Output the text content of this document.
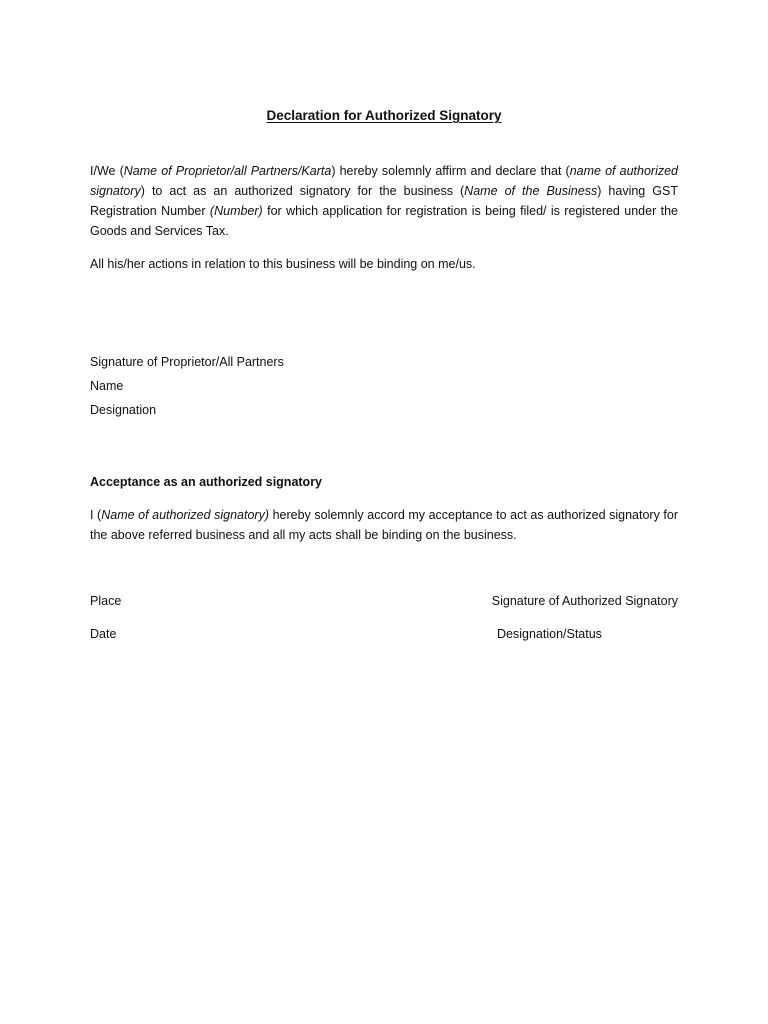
Declaration for Authorized Signatory

I/We (Name of Proprietor/all Partners/Karta) hereby solemnly affirm and declare that (name of authorized signatory) to act as an authorized signatory for the business (Name of the Business) having GST Registration Number (Number) for which application for registration is being filed/ is registered under the Goods and Services Tax.

All his/her actions in relation to this business will be binding on me/us.

Signature of Proprietor/All Partners
Name
Designation
Acceptance as an authorized signatory

I (Name of authorized signatory) hereby solemnly accord my acceptance to act as authorized signatory for the above referred business and all my acts shall be binding on the business.

Place
Date
Signature of Authorized Signatory
Designation/Status
